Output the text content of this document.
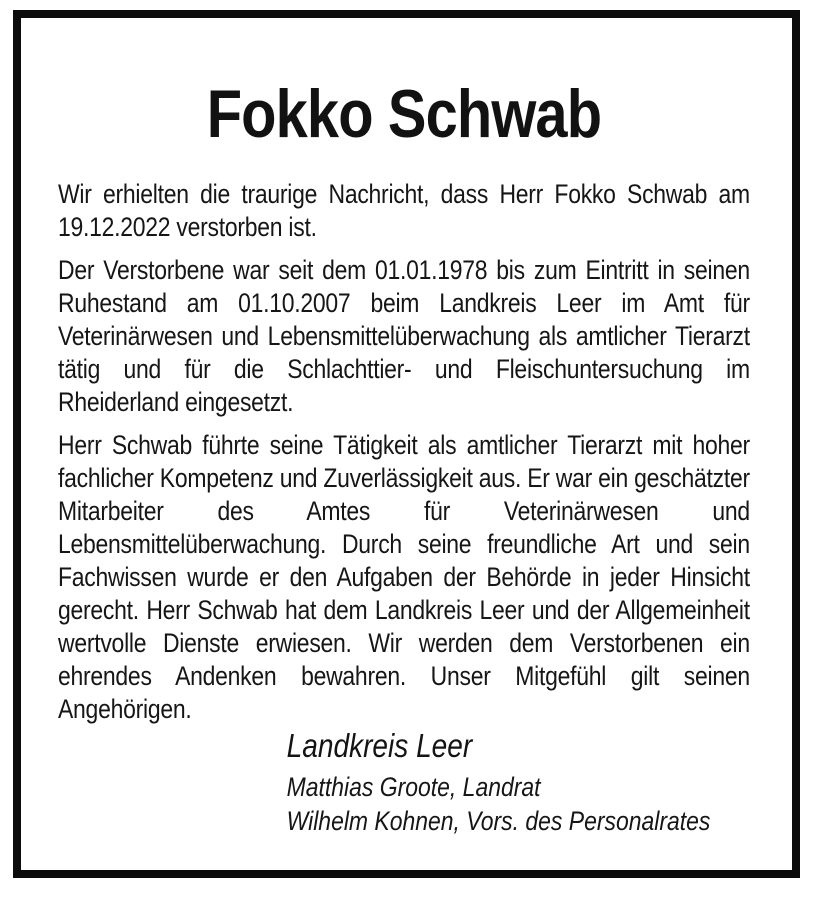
Fokko Schwab

Wir erhielten die traurige Nachricht, dass Herr Fokko Schwab am 19.12.2022 verstorben ist.

Der Verstorbene war seit dem 01.01.1978 bis zum Eintritt in seinen Ruhestand am 01.10.2007 beim Landkreis Leer im Amt für Veterinärwesen und Lebensmittelüberwachung als amtlicher Tierarzt tätig und für die Schlachttier- und Fleischuntersuchung im Rheiderland eingesetzt.

Herr Schwab führte seine Tätigkeit als amtlicher Tierarzt mit hoher fachlicher Kompetenz und Zuverlässigkeit aus. Er war ein geschätzter Mitarbeiter des Amtes für Veterinärwesen und Lebensmittelüberwachung. Durch seine freundliche Art und sein Fachwissen wurde er den Aufgaben der Behörde in jeder Hinsicht gerecht. Herr Schwab hat dem Landkreis Leer und der Allgemeinheit wertvolle Dienste erwiesen. Wir werden dem Verstorbenen ein ehrendes Andenken bewahren. Unser Mitgefühl gilt seinen Angehörigen.

Landkreis Leer
Matthias Groote, Landrat
Wilhelm Kohnen, Vors. des Personalrates
